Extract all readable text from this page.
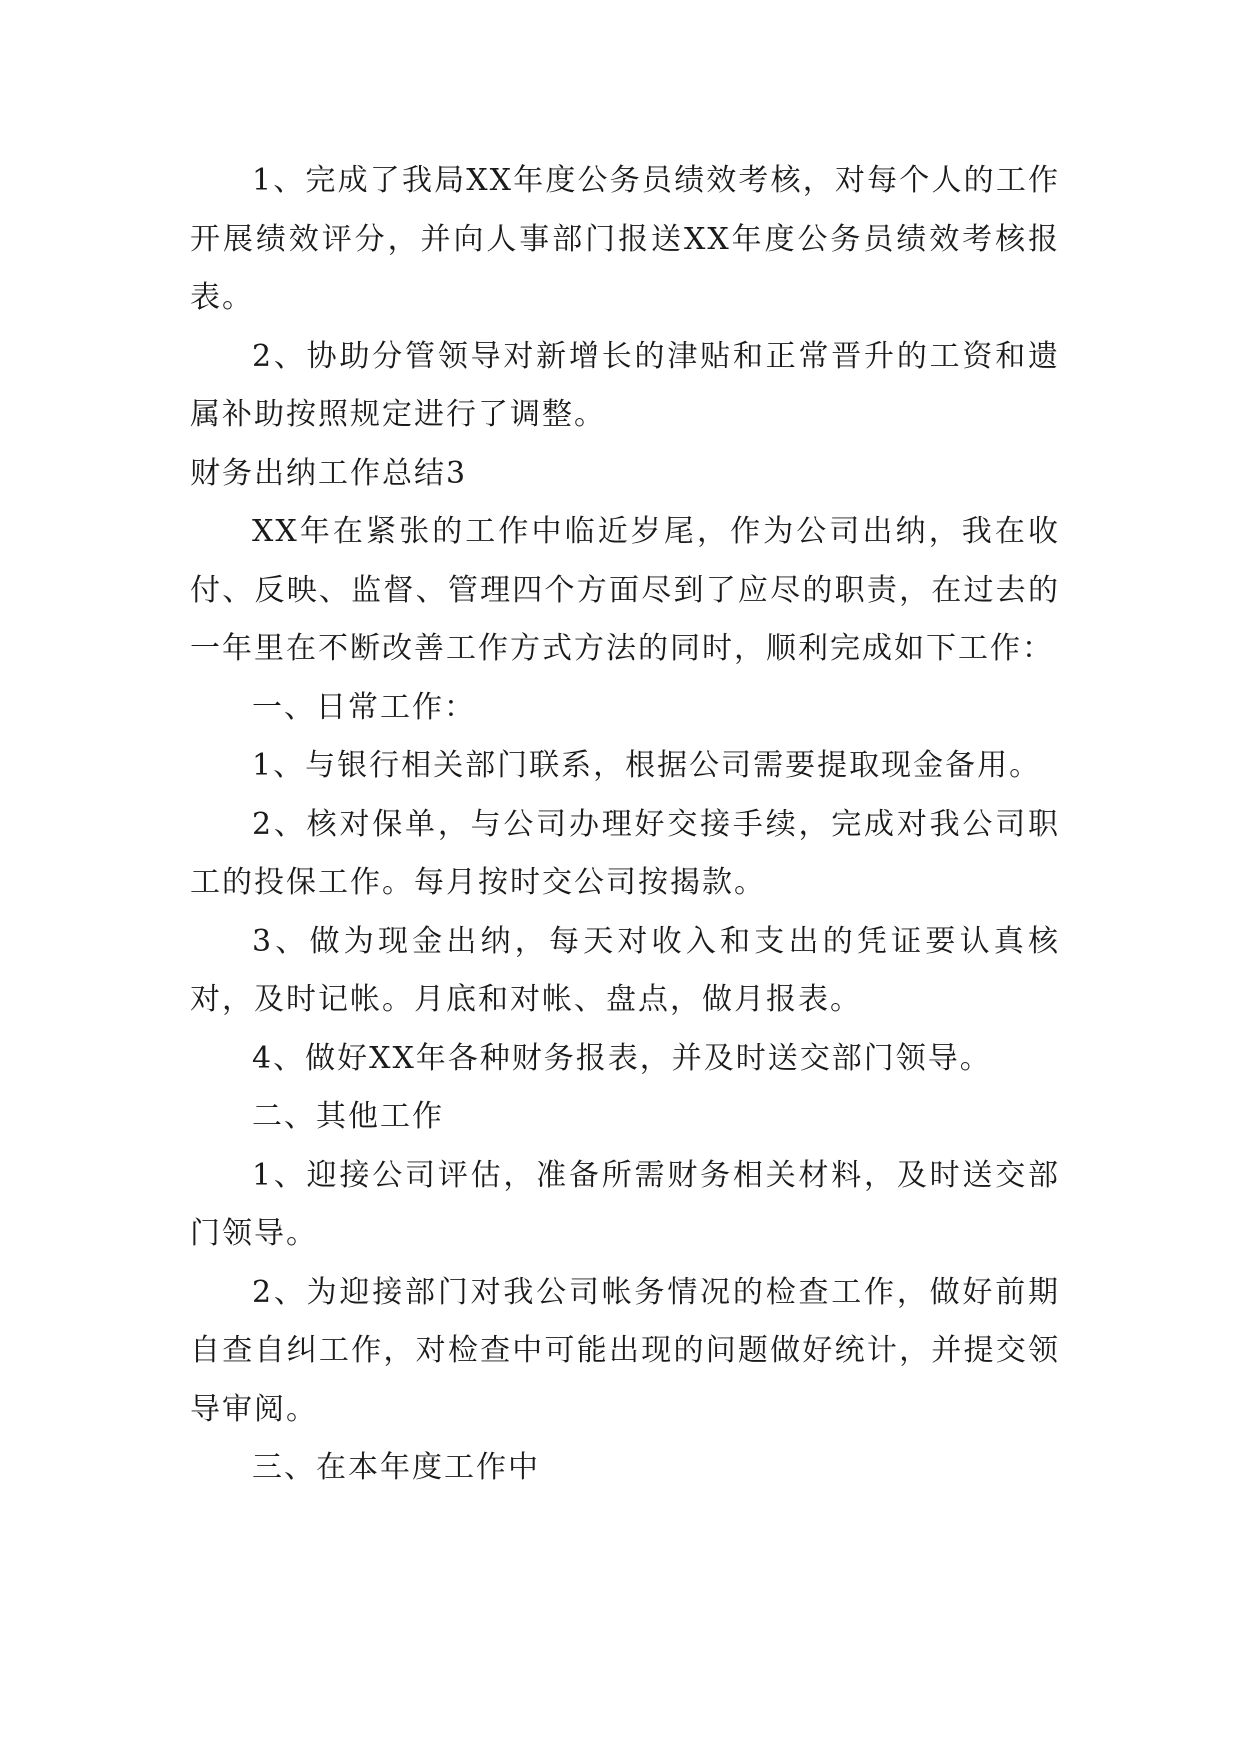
1、完成了我局XX年度公务员绩效考核，对每个人的工作开展绩效评分，并向人事部门报送XX年度公务员绩效考核报表。

2、协助分管领导对新增长的津贴和正常晋升的工资和遗属补助按照规定进行了调整。

财务出纳工作总结3

XX年在紧张的工作中临近岁尾，作为公司出纳，我在收付、反映、监督、管理四个方面尽到了应尽的职责，在过去的一年里在不断改善工作方式方法的同时，顺利完成如下工作：

一、日常工作：

1、与银行相关部门联系，根据公司需要提取现金备用。

2、核对保单，与公司办理好交接手续，完成对我公司职工的投保工作。每月按时交公司按揭款。

3、做为现金出纳，每天对收入和支出的凭证要认真核对，及时记帐。月底和对帐、盘点，做月报表。

4、做好XX年各种财务报表，并及时送交部门领导。

二、其他工作

1、迎接公司评估，准备所需财务相关材料，及时送交部门领导。

2、为迎接部门对我公司帐务情况的检查工作，做好前期自查自纠工作，对检查中可能出现的问题做好统计，并提交领导审阅。

三、在本年度工作中
